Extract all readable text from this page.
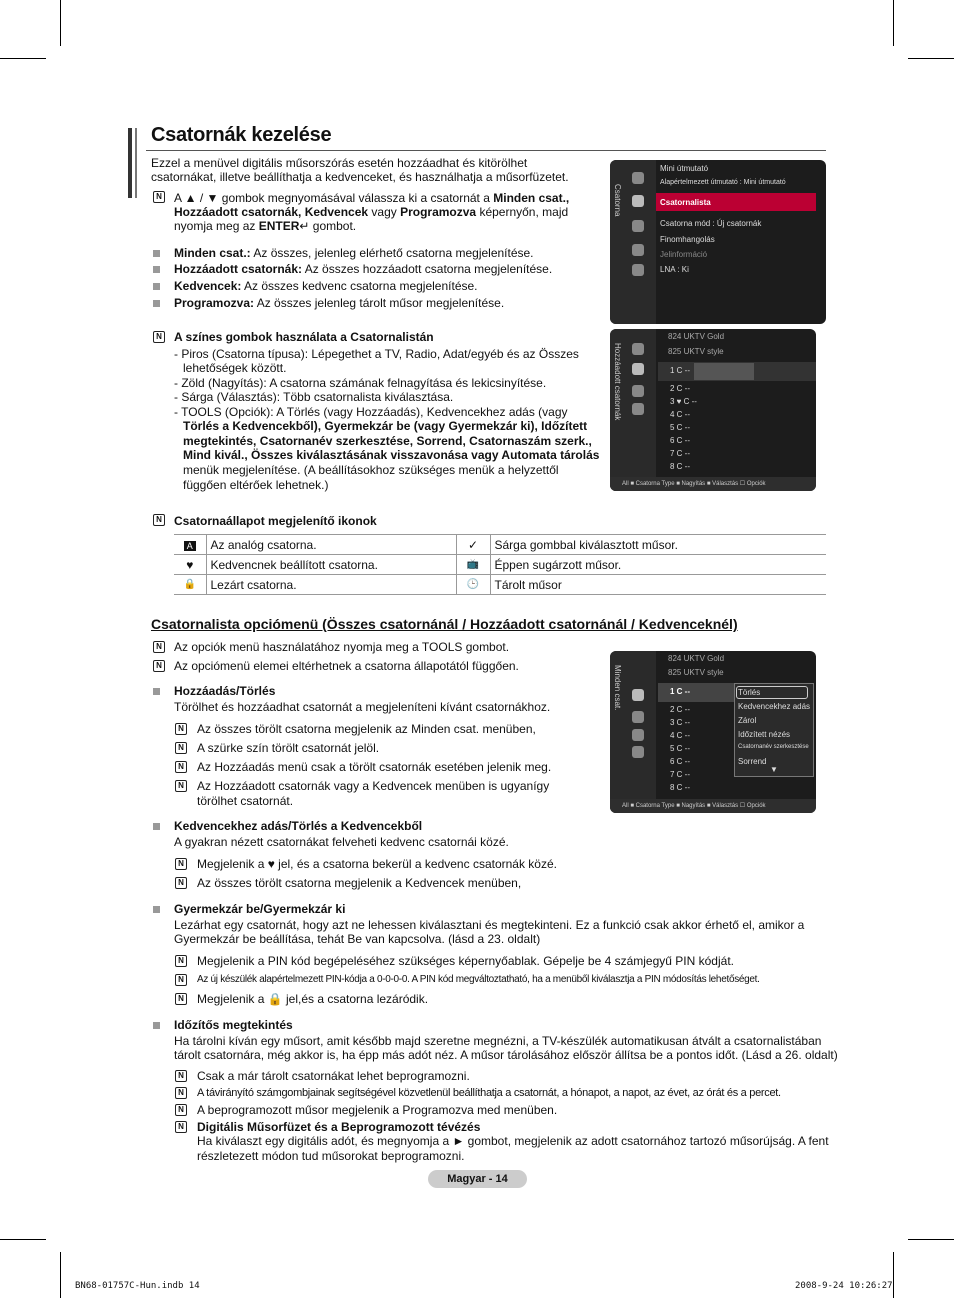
Csatornák kezelése
Ezzel a menüvel digitális műsorszórás esetén hozzáadhat és kitörölhet csatornákat, illetve beállíthatja a kedvenceket, és használhatja a műsorfüzetet.
N A ▲ / ▼ gombok megnyomásával válassza ki a csatornát a Minden csat., Hozzáadott csatornák, Kedvencek vagy Programozva képernyőn, majd nyomja meg az ENTER↵ gombot.
Minden csat.: Az összes, jelenleg elérhető csatorna megjelenítése.
Hozzáadott csatornák: Az összes hozzáadott csatorna megjelenítése.
Kedvencek: Az összes kedvenc csatorna megjelenítése.
Programozva: Az összes jelenleg tárolt műsor megjelenítése.
N A színes gombok használata a Csatornalistán
- Piros (Csatorna típusa): Lépegethet a TV, Radio, Adat/egyéb és az Összes
lehetőségek között.
- Zöld (Nagyítás): A csatorna számának felnagyítása és lekicsinyítése.
- Sárga (Választás): Több csatornalista kiválasztása.
- TOOLS (Opciók): A Törlés (vagy Hozzáadás), Kedvencekhez adás (vagy
Törlés a Kedvencekből), Gyermekzár be (vagy Gyermekzár ki), Időzített
megtekintés, Csatornanév szerkesztése, Sorrend, Csatornaszám szerk.,
Mind kivál., Összes kiválasztásának visszavonása vagy Automata tárolás
menük megjelenítése. (A beállításokhoz szükséges menük a helyzettől
függően eltérőek lehetnek.)
N Csatornaállapot megjelenítő ikonok
A	Az analóg csatorna.	✓	Sárga gombbal kiválasztott műsor.
♥	Kedvencnek beállított csatorna.	📺	Éppen sugárzott műsor.
🔒	Lezárt csatorna.	🕒	Tárolt műsor
Csatornalista opciómenü (Összes csatornánál / Hozzáadott csatornánál / Kedvenceknél)
N Az opciók menü használatához nyomja meg a TOOLS gombot.
N Az opciómenü elemei eltérhetnek a csatorna állapotától függően.
Hozzáadás/Törlés
Törölhet és hozzáadhat csatornát a megjeleníteni kívánt csatornákhoz.
N Az összes törölt csatorna megjelenik az Minden csat. menüben,
N A szürke szín törölt csatornát jelöl.
N Az Hozzáadás menü csak a törölt csatornák esetében jelenik meg.
N Az Hozzáadott csatornák vagy a Kedvencek menüben is ugyanígy
törölhet csatornát.
Kedvencekhez adás/Törlés a Kedvencekből
A gyakran nézett csatornákat felveheti kedvenc csatornái közé.
N Megjelenik a ♥ jel, és a csatorna bekerül a kedvenc csatornák közé.
N Az összes törölt csatorna megjelenik a Kedvencek menüben,
Gyermekzár be/Gyermekzár ki
Lezárhat egy csatornát, hogy azt ne lehessen kiválasztani és megtekinteni. Ez a funkció csak akkor érhető el, amikor a
Gyermekzár be beállítása, tehát Be van kapcsolva. (lásd a 23. oldalt)
N Megjelenik a PIN kód begépeléséhez szükséges képernyőablak. Gépelje be 4 számjegyű PIN kódját.
N	Az új készülék alapértelmezett PIN-kódja a 0-0-0-0. A PIN kód megváltoztatható, ha a menüből kiválasztja a PIN módosítás lehetőséget.
N Megjelenik a 🔒 jel,és a csatorna lezáródik.
Időzítős megtekintés
Ha tárolni kíván egy műsort, amit később majd szeretne megnézni, a TV-készülék automatikusan átvált a csatornalistában
tárolt csatornára, még akkor is, ha épp más adót néz. A műsor tárolásához először állítsa be a pontos időt. (Lásd a 26. oldalt)
N Csak a már tárolt csatornákat lehet beprogramozni.
N A távirányító számgombjainak segítségével közvetlenül beállíthatja a csatornát, a hónapot, a napot, az évet, az órát és a percet.
N A beprogramozott műsor megjelenik a Programozva med menüben.
N Digitális Műsorfüzet és a Beprogramozott tévézés
Ha kiválaszt egy digitális adót, és megnyomja a ► gombot, megjelenik az adott csatornához tartozó műsorújság. A fent
részletezett módon tud műsorokat beprogramozni.
Magyar - 14
BN68-01757C-Hun.indb 14	2008-9-24 10:26:27
Csatorna
Mini útmutató
Alapértelmezett útmutató : Mini útmutató
Csatornalista
Csatorna mód : Új csatornák
Finomhangolás
Jelinformáció
LNA : Ki
Hozzáadott csatornák
824 UKTV Gold
825 UKTV style
1 C --
2 C --
3 ♥ C --
4 C --
5 C --
6 C --
7 C --
8 C --
All ■ Csatorna Type ■ Nagyítás ■ Választás ☐ Opciók
Minden csat.
824 UKTV Gold
825 UKTV style
1 C --
2 C --
3 C --
4 C --
5 C --
6 C --
7 C --
8 C --
Törlés
Kedvencekhez adás
Zárol
Időzített nézés
Csatornanév szerkesztése
Sorrend
▼
All ■ Csatorna Type ■ Nagyítás ■ Választás ☐ Opciók
